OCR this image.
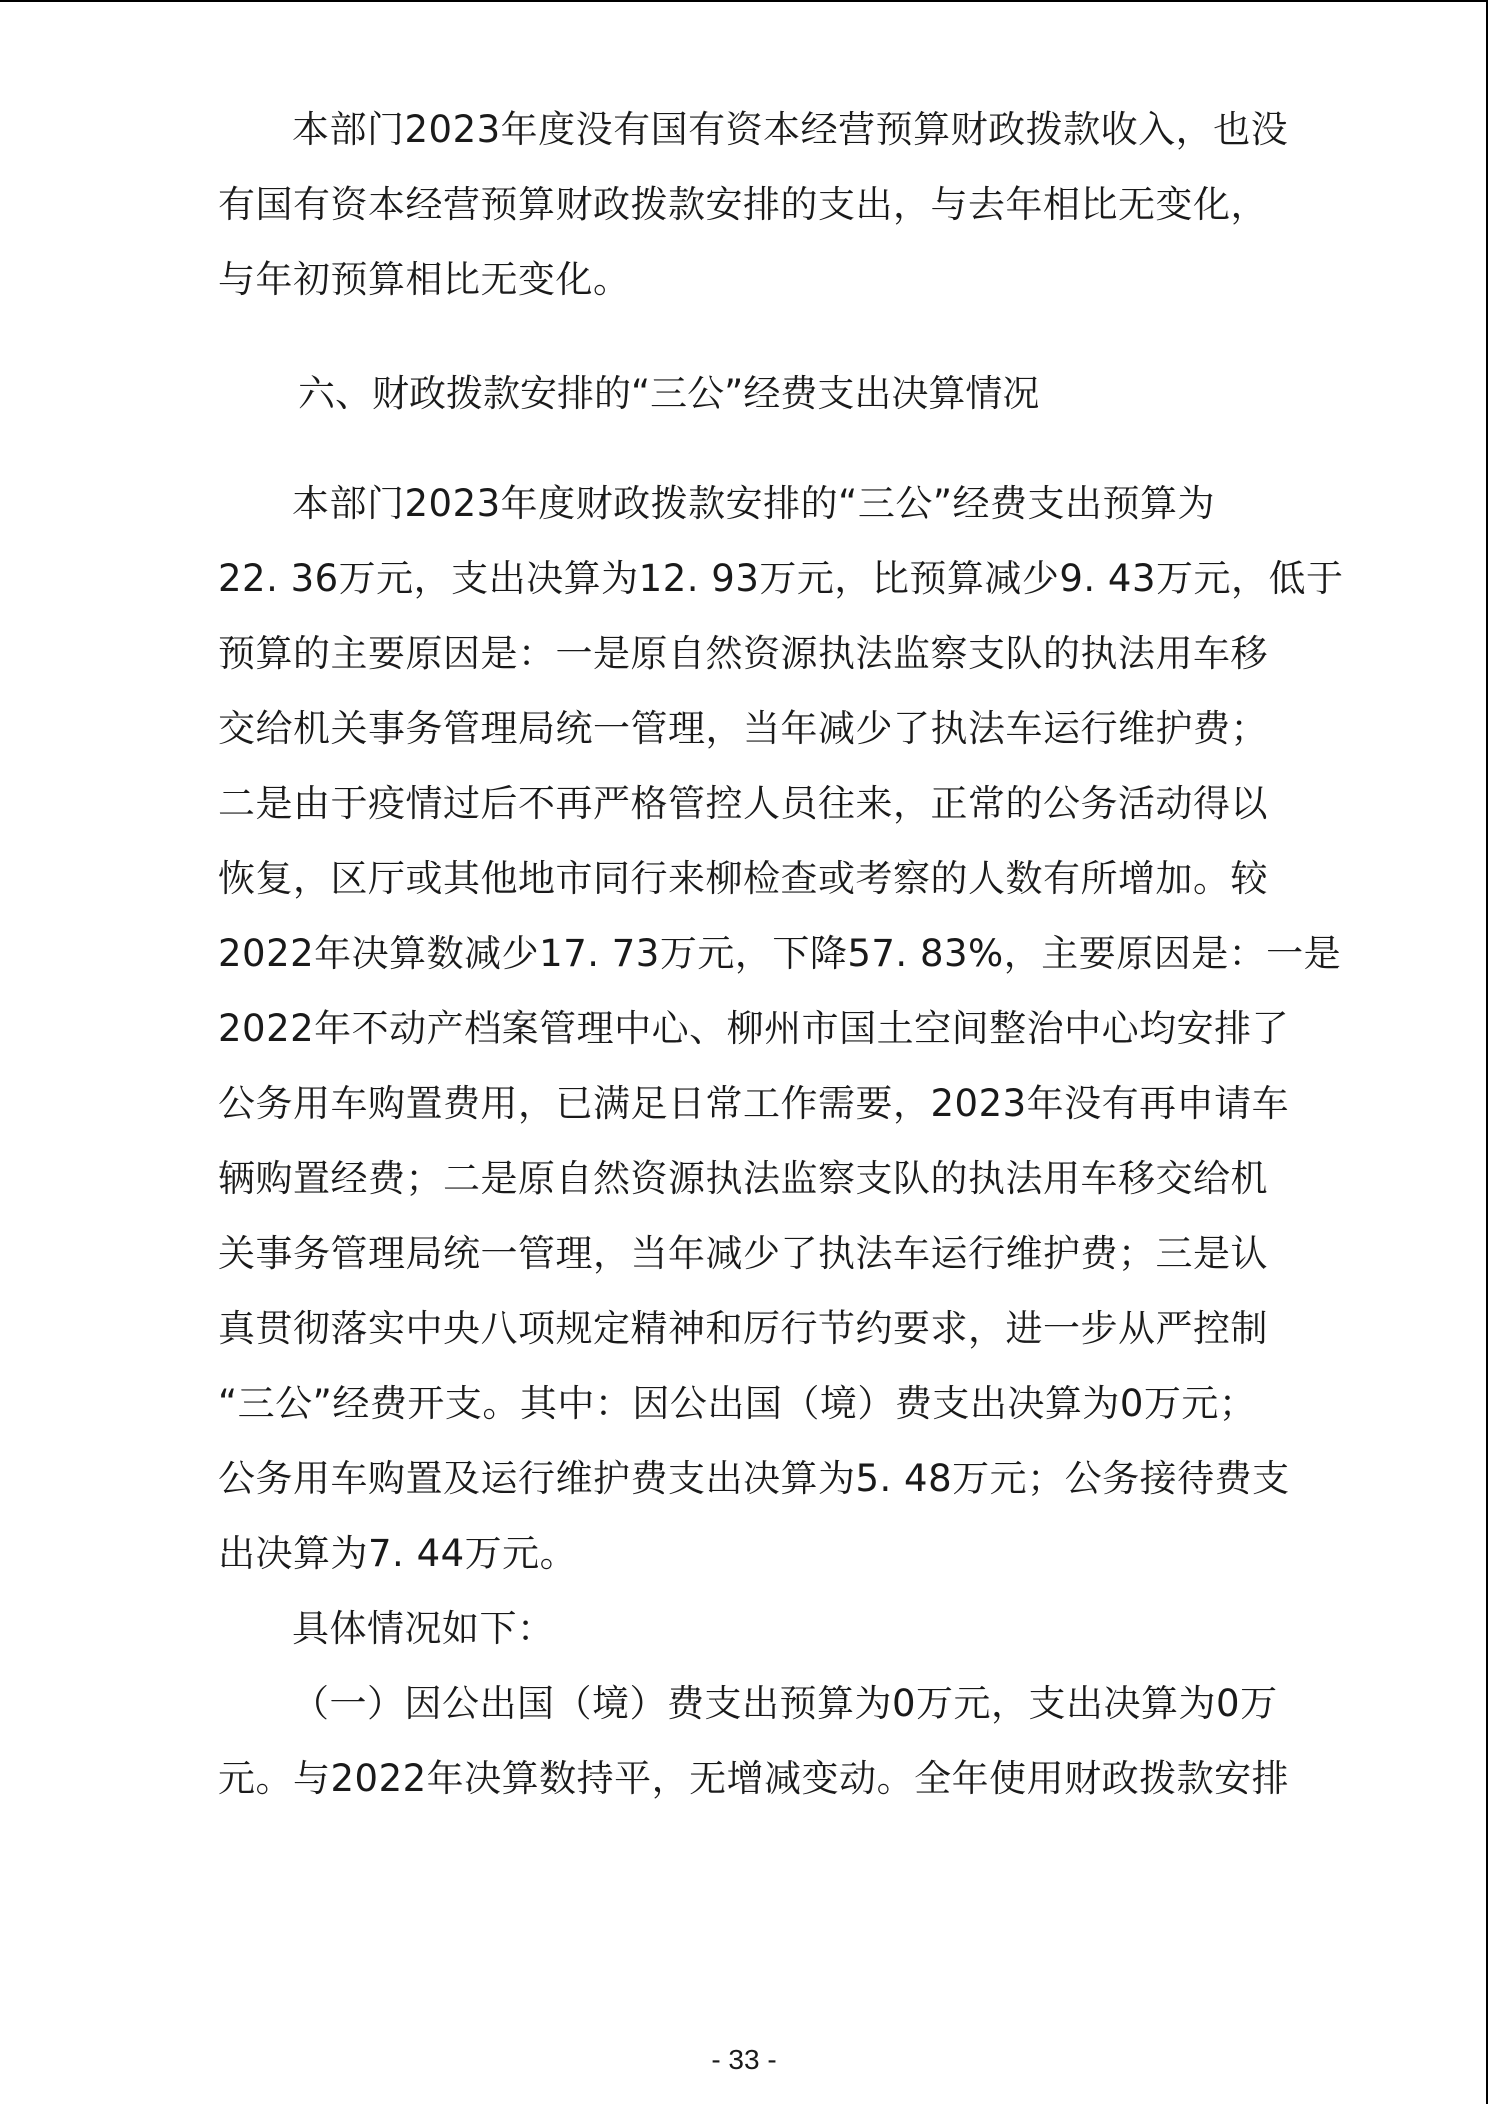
本部门2023年度没有国有资本经营预算财政拨款收入，也没
有国有资本经营预算财政拨款安排的支出，与去年相比无变化，
与年初预算相比无变化。
六、财政拨款安排的“三公”经费支出决算情况
本部门2023年度财政拨款安排的“三公”经费支出预算为
22. 36万元，支出决算为12. 93万元，比预算减少9. 43万元，低于
预算的主要原因是：一是原自然资源执法监察支队的执法用车移
交给机关事务管理局统一管理，当年减少了执法车运行维护费；
二是由于疫情过后不再严格管控人员往来，正常的公务活动得以
恢复，区厅或其他地市同行来柳检查或考察的人数有所增加。较
2022年决算数减少17. 73万元，下降57. 83%，主要原因是：一是
2022年不动产档案管理中心、柳州市国土空间整治中心均安排了
公务用车购置费用，已满足日常工作需要，2023年没有再申请车
辆购置经费；二是原自然资源执法监察支队的执法用车移交给机
关事务管理局统一管理，当年减少了执法车运行维护费；三是认
真贯彻落实中央八项规定精神和厉行节约要求，进一步从严控制
“三公”经费开支。其中：因公出国（境）费支出决算为0万元；
公务用车购置及运行维护费支出决算为5. 48万元；公务接待费支
出决算为7. 44万元。
具体情况如下：
（一）因公出国（境）费支出预算为0万元，支出决算为0万
元。与2022年决算数持平，无增减变动。全年使用财政拨款安排
- 33 -
